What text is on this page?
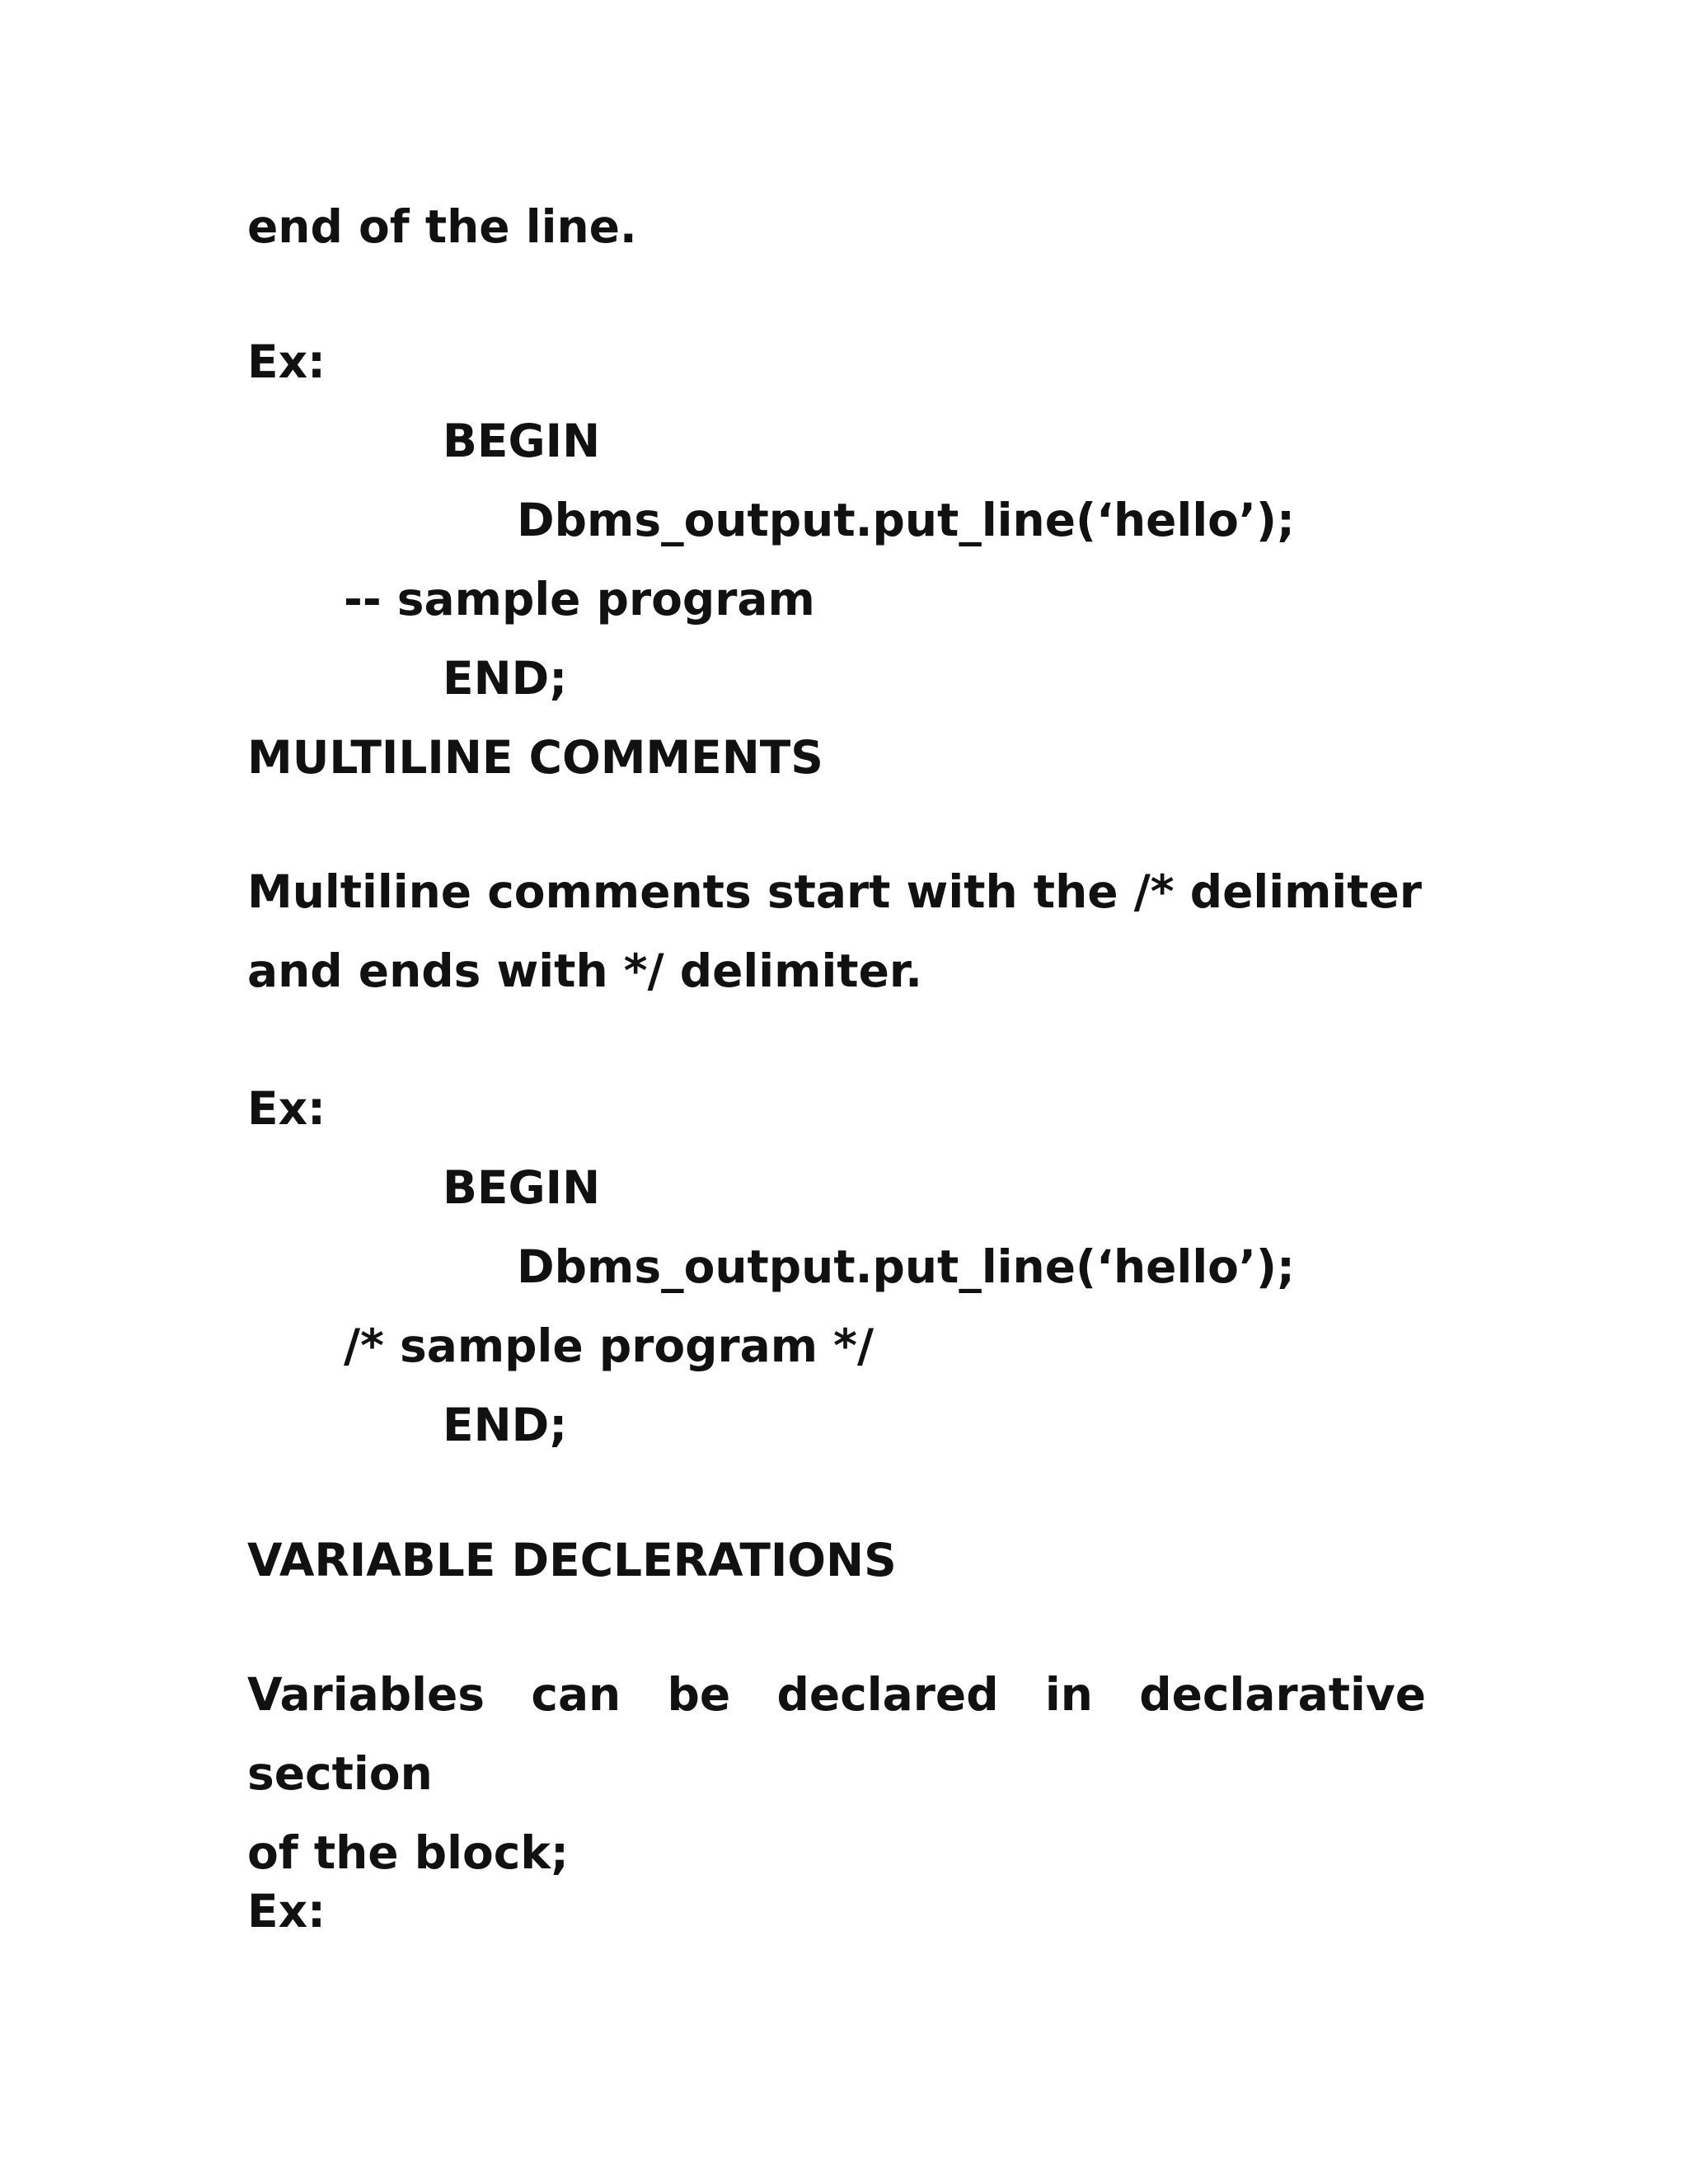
end of the line.

Ex:

BEGIN

Dbms_output.put_line(‘hello’);

-- sample program

END;

MULTILINE COMMENTS

Multiline comments start with the /* delimiter
and ends with */ delimiter.

Ex:

BEGIN

Dbms_output.put_line(‘hello’);

/* sample program */

END;

VARIABLE DECLERATIONS

Variables can be declared in declarative section
of the block;

Ex:
